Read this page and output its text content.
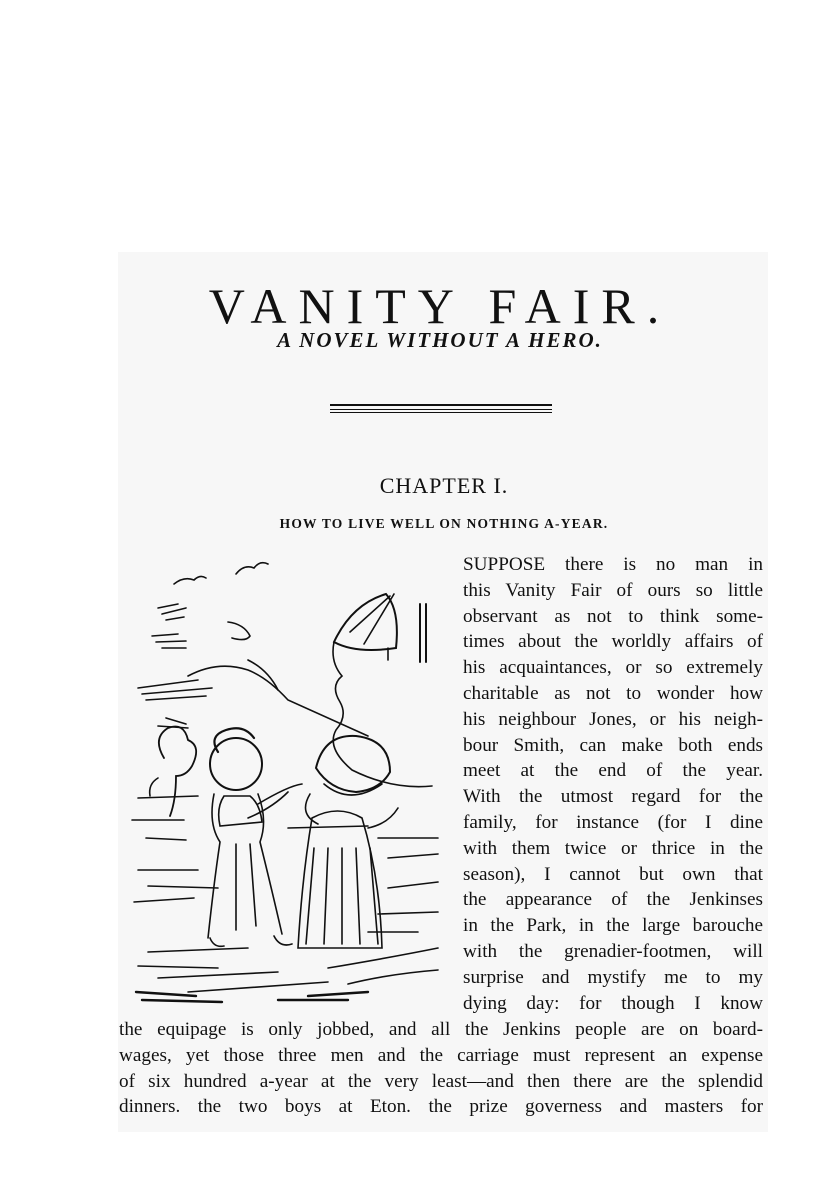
VANITY FAIR.
A NOVEL WITHOUT A HERO.
CHAPTER I.
HOW TO LIVE WELL ON NOTHING A-YEAR.
SUPPOSE there is no man in
this Vanity Fair of ours so little
observant as not to think some-
times about the worldly affairs of
his acquaintances, or so extremely
charitable as not to wonder how
his neighbour Jones, or his neigh-
bour Smith, can make both ends
meet at the end of the year.
With the utmost regard for the
family, for instance (for I dine
with them twice or thrice in the
season), I cannot but own that
the appearance of the Jenkinses
in the Park, in the large barouche
with the grenadier-footmen, will
surprise and mystify me to my
dying day: for though I know
the equipage is only jobbed, and all the Jenkins people are on board-
wages, yet those three men and the carriage must represent an expense
of six hundred a-year at the very least—and then there are the splendid
dinners. the two boys at Eton. the prize governess and masters for
